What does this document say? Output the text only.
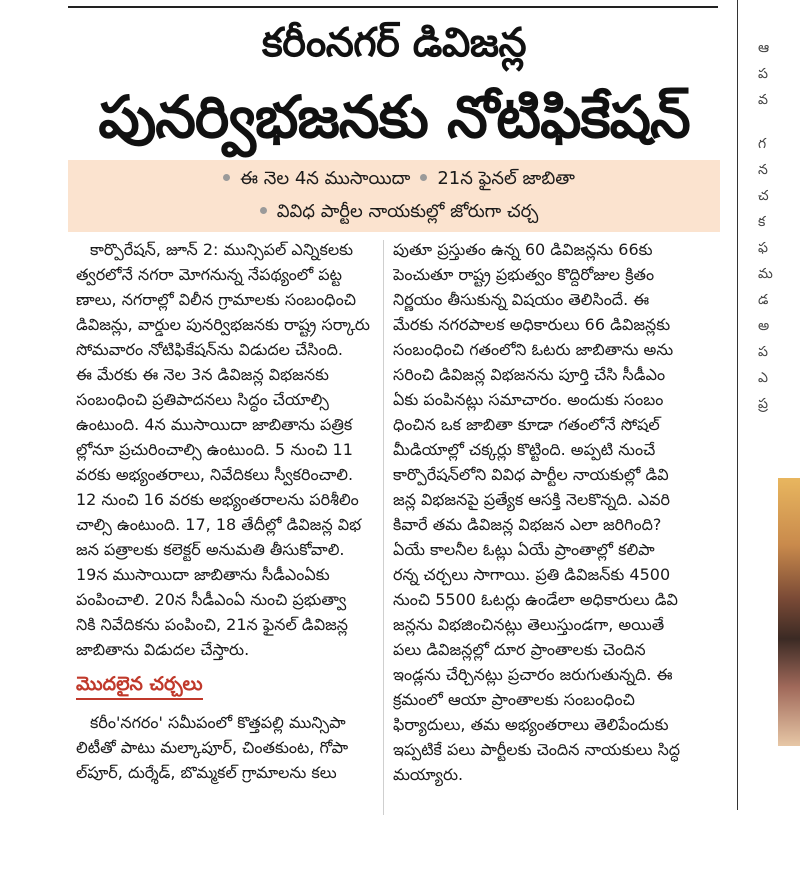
కరీంనగర్ డివిజన్ల
పునర్విభజనకు నోటిఫికేషన్
ఈ నెల 4న ముసాయిదా 21న ఫైనల్ జాబితా
వివిధ పార్టీల నాయకుల్లో జోరుగా చర్చ
కార్పొరేషన్, జూన్ 2: మున్సిపల్ ఎన్నికలకు
త్వరలోనే నగరా మోగనున్న నేపథ్యంలో పట్ట
ణాలు, నగరాల్లో విలీన గ్రామాలకు సంబంధించి
డివిజన్లు, వార్డుల పునర్విభజనకు రాష్ట్ర సర్కారు
సోమవారం నోటిఫికేషన్‌ను విడుదల చేసింది.
ఈ మేరకు ఈ నెల 3న డివిజన్ల విభజనకు
సంబంధించి ప్రతిపాదనలు సిద్ధం చేయాల్సి
ఉంటుంది. 4న ముసాయిదా జాబితాను పత్రిక
ల్లోనూ ప్రచురించాల్సి ఉంటుంది. 5 నుంచి 11
వరకు అభ్యంతరాలు, నివేదికలు స్వీకరించాలి.
12 నుంచి 16 వరకు అభ్యంతరాలను పరిశీలిం
చాల్సి ఉంటుంది. 17, 18 తేదీల్లో డివిజన్ల విభ
జన పత్రాలకు కలెక్టర్ అనుమతి తీసుకోవాలి.
19న ముసాయిదా జాబితాను సీడీఎంఏకు
పంపించాలి. 20న సీడీఎంఏ నుంచి ప్రభుత్వా
నికి నివేదికను పంపించి, 21న ఫైనల్ డివిజన్ల
జాబితాను విడుదల చేస్తారు.
మొదలైన చర్చలు
కరీం'నగరం' సమీపంలో కొత్తపల్లి మున్సిపా
లిటీతో పాటు మల్కాపూర్, చింతకుంట, గోపా
ల్‌పూర్, దుర్శేడ్, బొమ్మకల్ గ్రామాలను కలు
పుతూ ప్రస్తుతం ఉన్న 60 డివిజన్లను 66కు
పెంచుతూ రాష్ట్ర ప్రభుత్వం కొద్దిరోజుల క్రితం
నిర్ణయం తీసుకున్న విషయం తెలిసిందే. ఈ
మేరకు నగరపాలక అధికారులు 66 డివిజన్లకు
సంబంధించి గతంలోని ఓటరు జాబితాను అను
సరించి డివిజన్ల విభజనను పూర్తి చేసి సీడీఎం
ఏకు పంపినట్లు సమాచారం. అందుకు సంబం
ధించిన ఒక జాబితా కూడా గతంలోనే సోషల్
మీడియాల్లో చక్కర్లు కొట్టింది. అప్పటి నుంచే
కార్పొరేషన్‌లోని వివిధ పార్టీల నాయకుల్లో డివి
జన్ల విభజనపై ప్రత్యేక ఆసక్తి నెలకొన్నది. ఎవరి
కివారే తమ డివిజన్ల విభజన ఎలా జరిగింది?
ఏయే కాలనీల ఓట్లు ఏయే ప్రాంతాల్లో కలిపా
రన్న చర్చలు సాగాయి. ప్రతి డివిజన్‌కు 4500
నుంచి 5500 ఓటర్లు ఉండేలా అధికారులు డివి
జన్లను విభజించినట్లు తెలుస్తుండగా, అయితే
పలు డివిజన్లల్లో దూర ప్రాంతాలకు చెందిన
ఇండ్లను చేర్చినట్లు ప్రచారం జరుగుతున్నది. ఈ
క్రమంలో ఆయా ప్రాంతాలకు సంబంధించి
ఫిర్యాదులు, తమ అభ్యంతరాలు తెలిపేందుకు
ఇప్పటికే పలు పార్టీలకు చెందిన నాయకులు సిద్ధ
మయ్యారు.
ఆ
ప
వ
గ
న
చ
క
ఫ
మ
డ
అ
ప
ఎ
ప్ర
